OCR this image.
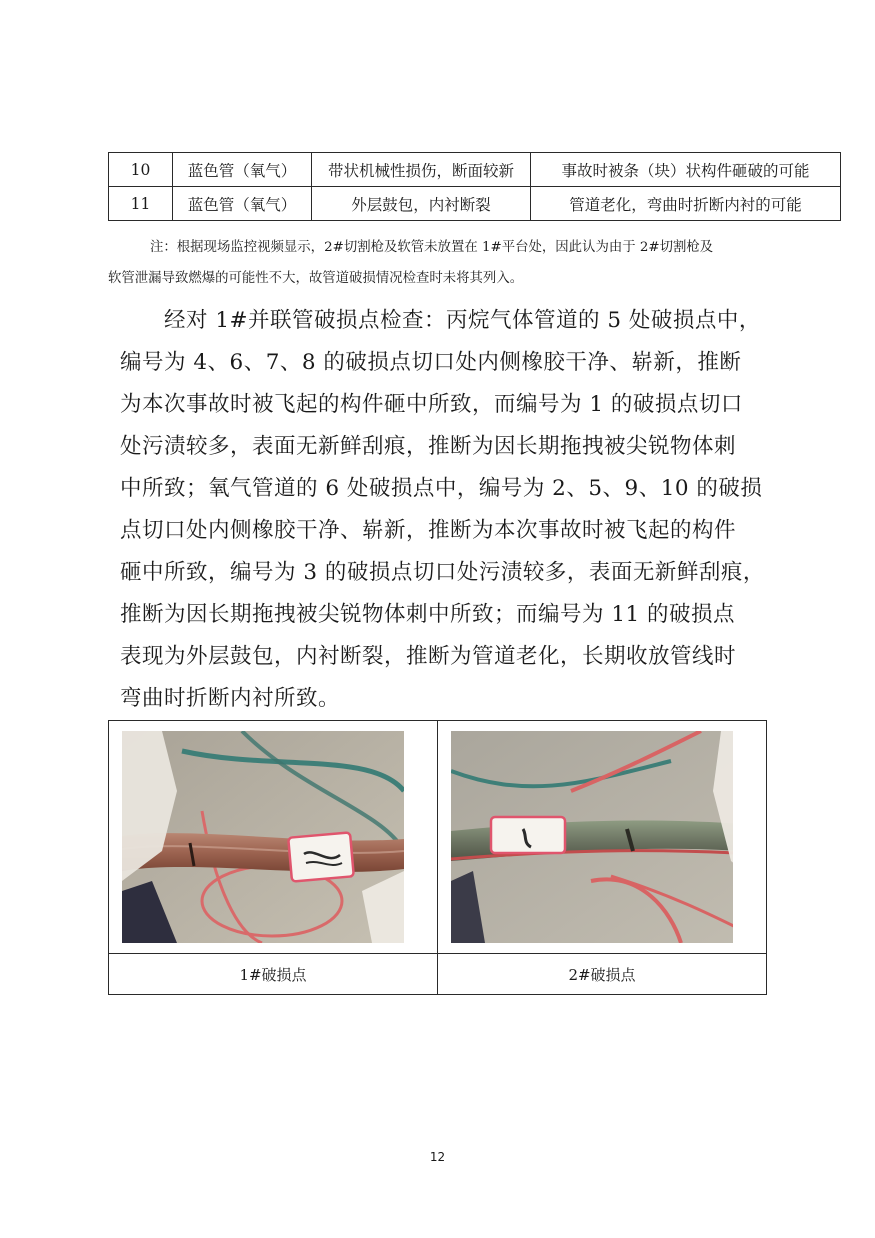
10	蓝色管（氧气）	带状机械性损伤，断面较新	事故时被条（块）状构件砸破的可能
11	蓝色管（氧气）	外层鼓包，内衬断裂	管道老化，弯曲时折断内衬的可能

注：根据现场监控视频显示，2#切割枪及软管未放置在 1#平台处，因此认为由于 2#切割枪及

软管泄漏导致燃爆的可能性不大，故管道破损情况检查时未将其列入。

　　经对 1#并联管破损点检查：丙烷气体管道的 5 处破损点中，

编号为 4、6、7、8 的破损点切口处内侧橡胶干净、崭新，推断

为本次事故时被飞起的构件砸中所致，而编号为 1 的破损点切口

处污渍较多，表面无新鲜刮痕，推断为因长期拖拽被尖锐物体刺

中所致；氧气管道的 6 处破损点中，编号为 2、5、9、10 的破损

点切口处内侧橡胶干净、崭新，推断为本次事故时被飞起的构件

砸中所致，编号为 3 的破损点切口处污渍较多，表面无新鲜刮痕，

推断为因长期拖拽被尖锐物体刺中所致；而编号为 11 的破损点

表现为外层鼓包，内衬断裂，推断为管道老化，长期收放管线时

弯曲时折断内衬所致。

1#破损点	2#破损点
12
